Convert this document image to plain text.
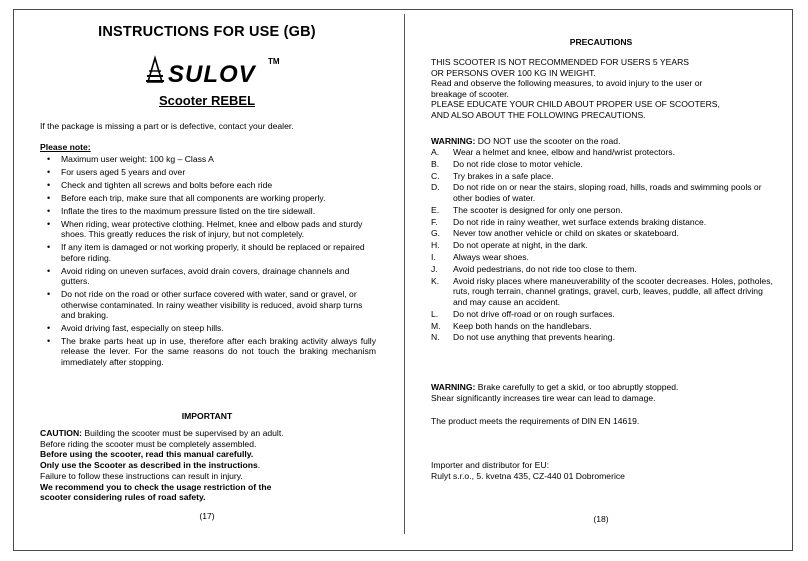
INSTRUCTIONS FOR USE (GB)
SULOV TM
Scooter REBEL
If the package is missing a part or is defective, contact your dealer.
Please note:
• Maximum user weight: 100 kg – Class A
• For users aged 5 years and over
• Check and tighten all screws and bolts before each ride
• Before each trip, make sure that all components are working properly.
• Inflate the tires to the maximum pressure listed on the tire sidewall.
• When riding, wear protective clothing. Helmet, knee and elbow pads and sturdy shoes. This greatly reduces the risk of injury, but not completely.
• If any item is damaged or not working properly, it should be replaced or repaired before riding.
• Avoid riding on uneven surfaces, avoid drain covers, drainage channels and gutters.
• Do not ride on the road or other surface covered with water, sand or gravel, or otherwise contaminated. In rainy weather visibility is reduced, avoid sharp turns and braking.
• Avoid driving fast, especially on steep hills.
• The brake parts heat up in use, therefore after each braking activity always fully release the lever. For the same reasons do not touch the braking mechanism immediately after stopping.
IMPORTANT
CAUTION: Building the scooter must be supervised by an adult.
Before riding the scooter must be completely assembled.
Before using the scooter, read this manual carefully.
Only use the Scooter as described in the instructions.
Failure to follow these instructions can result in injury.
We recommend you to check the usage restriction of the
scooter considering rules of road safety.
(17)
PRECAUTIONS
THIS SCOOTER IS NOT RECOMMENDED FOR USERS 5 YEARS
OR PERSONS OVER 100 KG IN WEIGHT.
Read and observe the following measures, to avoid injury to the user or
breakage of scooter.
PLEASE EDUCATE YOUR CHILD ABOUT PROPER USE OF SCOOTERS,
AND ALSO ABOUT THE FOLLOWING PRECAUTIONS.
WARNING: DO NOT use the scooter on the road.
A. Wear a helmet and knee, elbow and hand/wrist protectors.
B. Do not ride close to motor vehicle.
C. Try brakes in a safe place.
D. Do not ride on or near the stairs, sloping road, hills, roads and swimming pools or other bodies of water.
E. The scooter is designed for only one person.
F. Do not ride in rainy weather, wet surface extends braking distance.
G. Never tow another vehicle or child on skates or skateboard.
H. Do not operate at night, in the dark.
I. Always wear shoes.
J. Avoid pedestrians, do not ride too close to them.
K. Avoid risky places where maneuverability of the scooter decreases. Holes, potholes, ruts, rough terrain, channel gratings, gravel, curb, leaves, puddle, all affect driving and may cause an accident.
L. Do not drive off-road or on rough surfaces.
M. Keep both hands on the handlebars.
N. Do not use anything that prevents hearing.
WARNING: Brake carefully to get a skid, or too abruptly stopped.
Shear significantly increases tire wear can lead to damage.
The product meets the requirements of DIN EN 14619.
Importer and distributor for EU:
Rulyt s.r.o., 5. kvetna 435, CZ-440 01 Dobromerice
(18)
